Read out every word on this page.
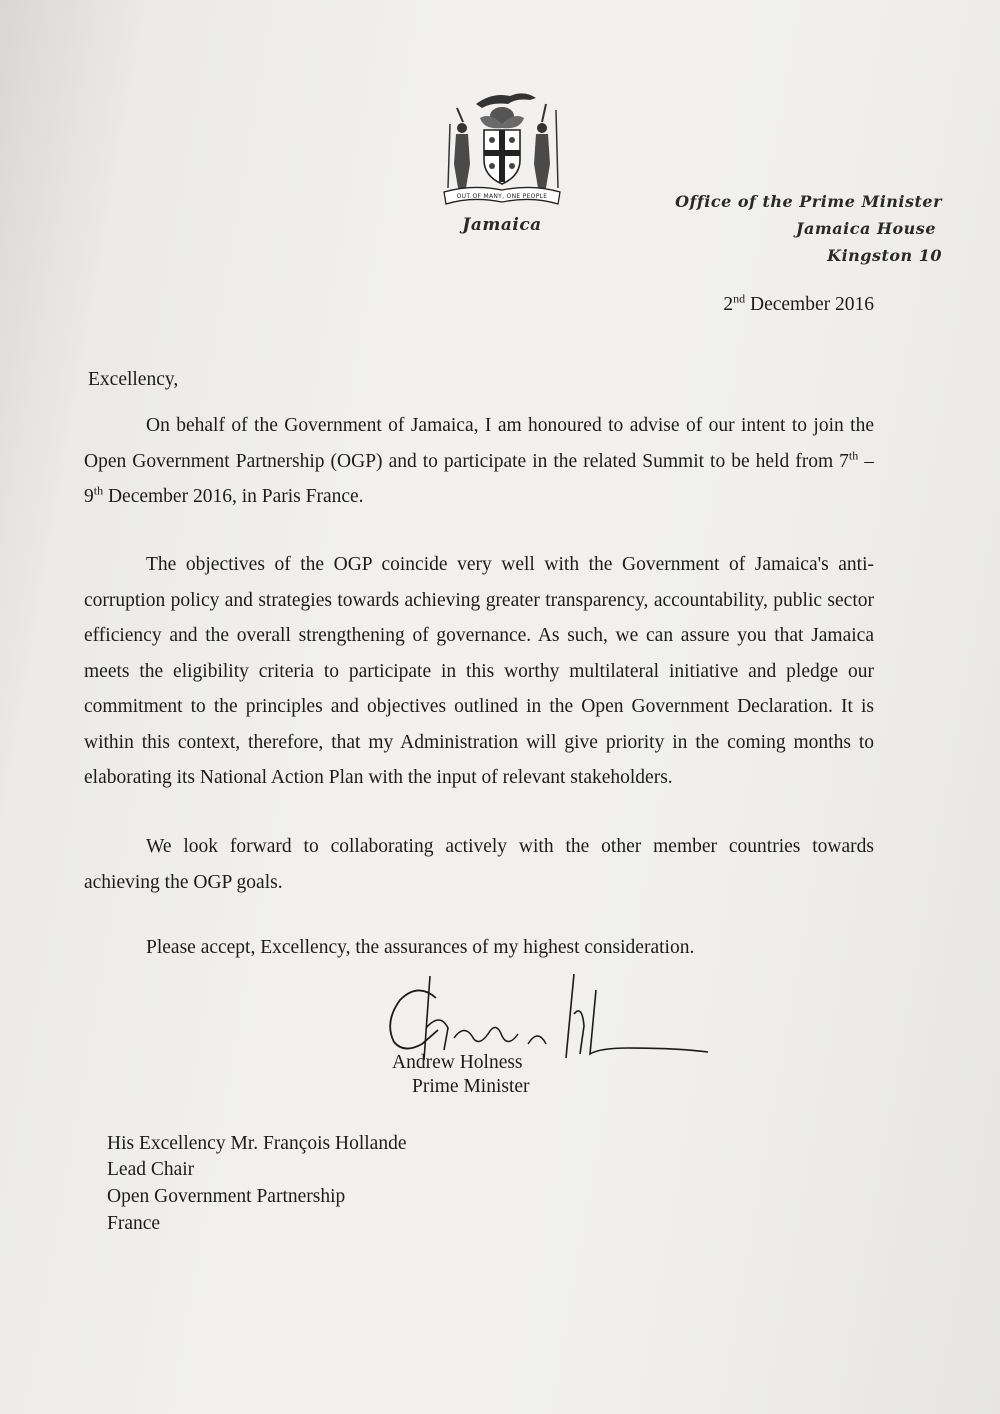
OUT OF MANY, ONE PEOPLE
Jamaica
Office of the Prime Minister
Jamaica House
Kingston 10
2nd December 2016
Excellency,
On behalf of the Government of Jamaica, I am honoured to advise of our intent to join the Open Government Partnership (OGP) and to participate in the related Summit to be held from 7th – 9th December 2016, in Paris France.
The objectives of the OGP coincide very well with the Government of Jamaica's anti-corruption policy and strategies towards achieving greater transparency, accountability, public sector efficiency and the overall strengthening of governance. As such, we can assure you that Jamaica meets the eligibility criteria to participate in this worthy multilateral initiative and pledge our commitment to the principles and objectives outlined in the Open Government Declaration. It is within this context, therefore, that my Administration will give priority in the coming months to elaborating its National Action Plan with the input of relevant stakeholders.
We look forward to collaborating actively with the other member countries towards achieving the OGP goals.
Please accept, Excellency, the assurances of my highest consideration.
Andrew Holness
Prime Minister
His Excellency Mr. François Hollande
Lead Chair
Open Government Partnership
France
